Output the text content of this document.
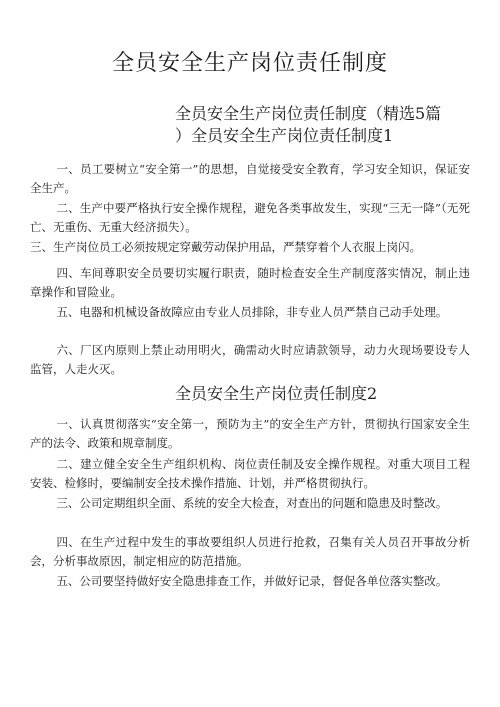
全员安全生产岗位责任制度
全员安全生产岗位责任制度（精选5篇
）全员安全生产岗位责任制度1
一、员工要树立“安全第一”的思想，自觉接受安全教育，学习安全知识，保证安全生产。
二、生产中要严格执行安全操作规程，避免各类事故发生，实现“三无一降”（无死亡、无重伤、无重大经济损失）。
三、生产岗位员工必须按规定穿戴劳动保护用品，严禁穿着个人衣服上岗闪。
四、车间尊职安全员要切实履行职责，随时检查安全生产制度落实情况，制止违章操作和冒险业。
五、电器和机械设备故障应由专业人员排除，非专业人员严禁自己动手处理。
六、厂区内原则上禁止动用明火，确需动火时应请款领导，动力火现场要设专人监管，人走火灭。
全员安全生产岗位责任制度2
一、认真贯彻落实“安全第一，预防为主”的安全生产方针，贯彻执行国家安全生产的法令、政策和规章制度。
二、建立健全安全生产组织机构、岗位责任制及安全操作规程。对重大项目工程安装、检修时，要编制安全技术操作措施、计划，并严格贯彻执行。
三、公司定期组织全面、系统的安全大检查，对查出的问题和隐患及时整改。
四、在生产过程中发生的事故要组织人员进行抢救，召集有关人员召开事故分析会，分析事故原因，制定相应的防范措施。
五、公司要坚持做好安全隐患排查工作，并做好记录，督促各单位落实整改。
